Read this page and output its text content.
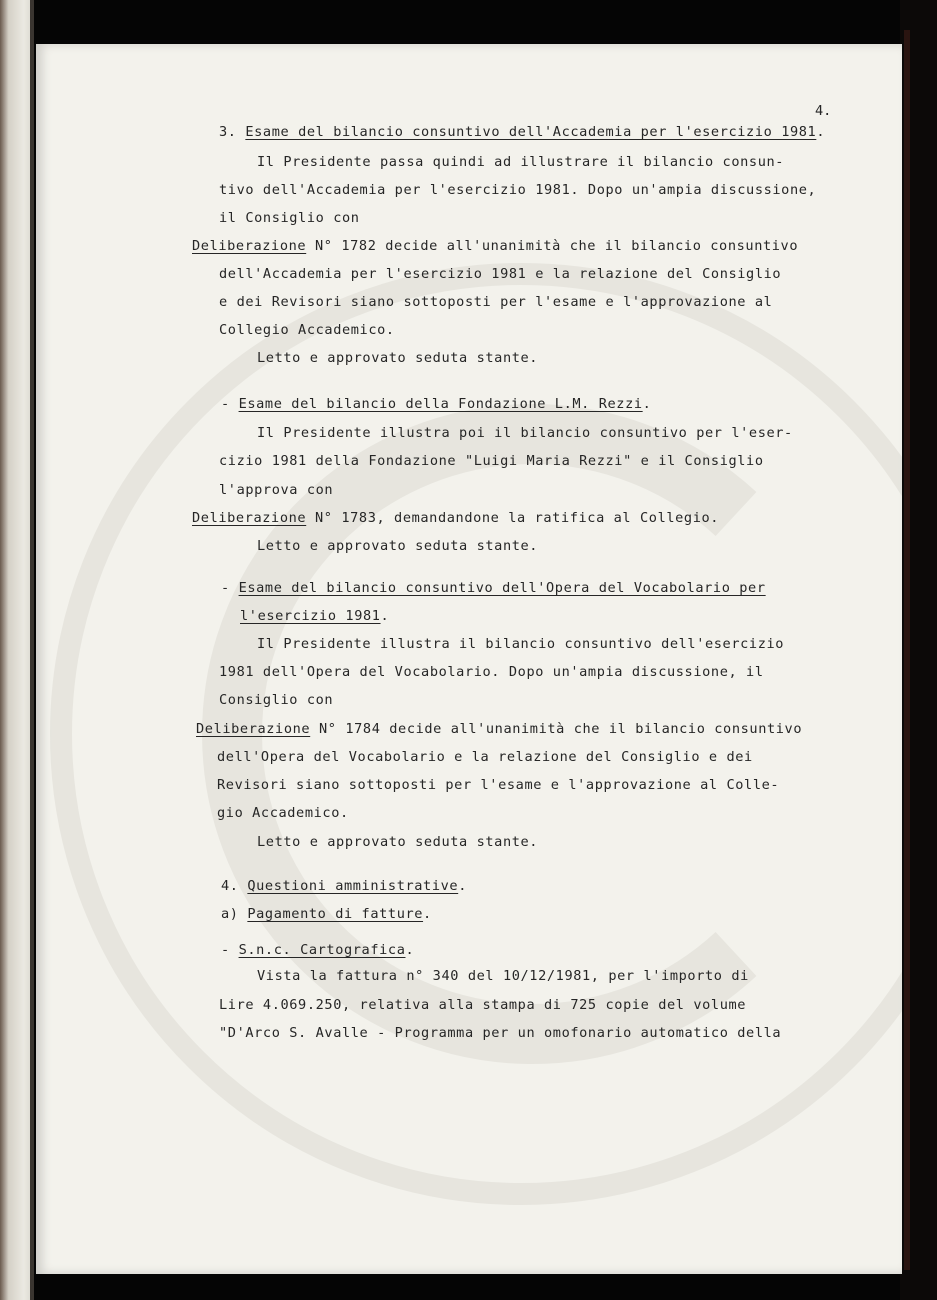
4.
3. Esame del bilancio consuntivo dell'Accademia per l'esercizio 1981.
Il Presidente passa quindi ad illustrare il bilancio consun-
tivo dell'Accademia per l'esercizio 1981. Dopo un'ampia discussione,
il Consiglio con
Deliberazione N° 1782 decide all'unanimità che il bilancio consuntivo
dell'Accademia per l'esercizio 1981 e la relazione del Consiglio
e dei Revisori siano sottoposti per l'esame e l'approvazione al
Collegio Accademico.
Letto e approvato seduta stante.
- Esame del bilancio della Fondazione L.M. Rezzi.
Il Presidente illustra poi il bilancio consuntivo per l'eser-
cizio 1981 della Fondazione "Luigi Maria Rezzi" e il Consiglio
l'approva con
Deliberazione N° 1783, demandandone la ratifica al Collegio.
Letto e approvato seduta stante.
- Esame del bilancio consuntivo dell'Opera del Vocabolario per
l'esercizio 1981.
Il Presidente illustra il bilancio consuntivo dell'esercizio
1981 dell'Opera del Vocabolario. Dopo un'ampia discussione, il
Consiglio con
Deliberazione N° 1784 decide all'unanimità che il bilancio consuntivo
dell'Opera del Vocabolario e la relazione del Consiglio e dei
Revisori siano sottoposti per l'esame e l'approvazione al Colle-
gio Accademico.
Letto e approvato seduta stante.
4. Questioni amministrative.
a) Pagamento di fatture.
- S.n.c. Cartografica.
Vista la fattura n° 340 del 10/12/1981, per l'importo di
Lire 4.069.250, relativa alla stampa di 725 copie del volume
"D'Arco S. Avalle - Programma per un omofonario automatico della
